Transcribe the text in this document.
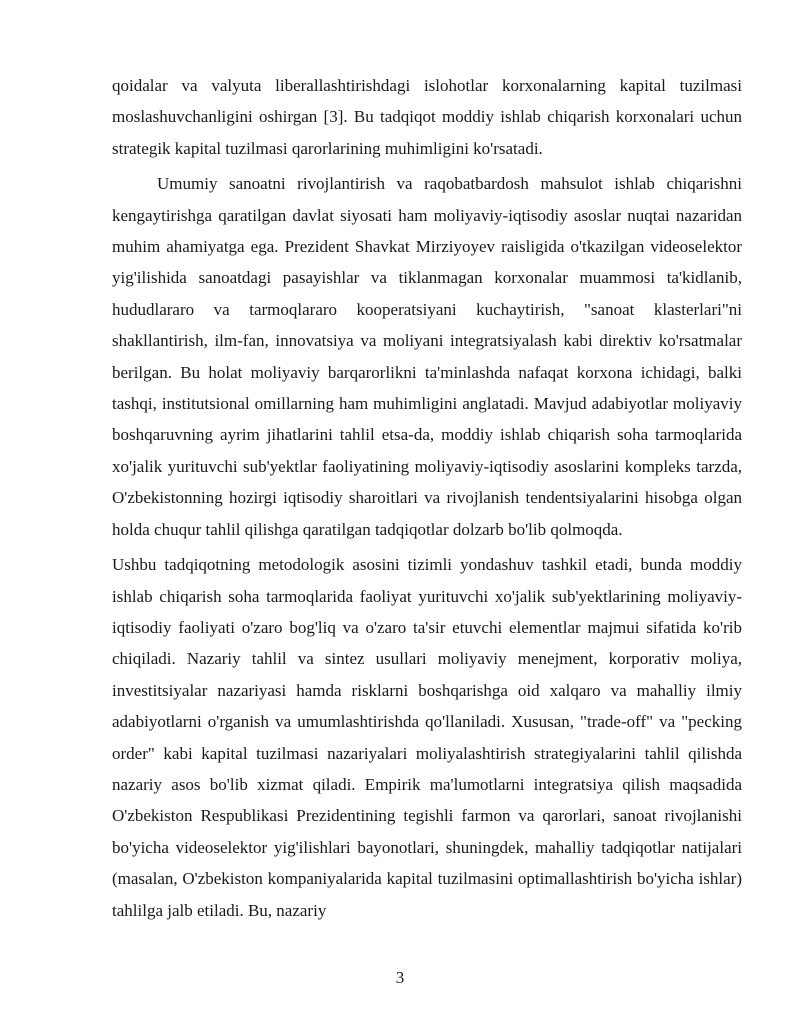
qoidalar va valyuta liberallashtirishdagi islohotlar korxonalarning kapital tuzilmasi moslashuvchanligini oshirgan [3]. Bu tadqiqot moddiy ishlab chiqarish korxonalari uchun strategik kapital tuzilmasi qarorlarining muhimligini ko'rsatadi.

Umumiy sanoatni rivojlantirish va raqobatbardosh mahsulot ishlab chiqarishni kengaytirishga qaratilgan davlat siyosati ham moliyaviy-iqtisodiy asoslar nuqtai nazaridan muhim ahamiyatga ega. Prezident Shavkat Mirziyoyev raisligida o'tkazilgan videoselektor yig'ilishida sanoatdagi pasayishlar va tiklanmagan korxonalar muammosi ta'kidlanib, hududlararo va tarmoqlararo kooperatsiyani kuchaytirish, "sanoat klasterlari"ni shakllantirish, ilm-fan, innovatsiya va moliyani integratsiyalash kabi direktiv ko'rsatmalar berilgan. Bu holat moliyaviy barqarorlikni ta'minlashda nafaqat korxona ichidagi, balki tashqi, institutsional omillarning ham muhimligini anglatadi. Mavjud adabiyotlar moliyaviy boshqaruvning ayrim jihatlarini tahlil etsa-da, moddiy ishlab chiqarish soha tarmoqlarida xo'jalik yurituvchi sub'yektlar faoliyatining moliyaviy-iqtisodiy asoslarini kompleks tarzda, O'zbekistonning hozirgi iqtisodiy sharoitlari va rivojlanish tendentsiyalarini hisobga olgan holda chuqur tahlil qilishga qaratilgan tadqiqotlar dolzarb bo'lib qolmoqda.

Ushbu tadqiqotning metodologik asosini tizimli yondashuv tashkil etadi, bunda moddiy ishlab chiqarish soha tarmoqlarida faoliyat yurituvchi xo'jalik sub'yektlarining moliyaviy-iqtisodiy faoliyati o'zaro bog'liq va o'zaro ta'sir etuvchi elementlar majmui sifatida ko'rib chiqiladi. Nazariy tahlil va sintez usullari moliyaviy menejment, korporativ moliya, investitsiyalar nazariyasi hamda risklarni boshqarishga oid xalqaro va mahalliy ilmiy adabiyotlarni o'rganish va umumlashtirishda qo'llaniladi. Xususan, "trade-off" va "pecking order" kabi kapital tuzilmasi nazariyalari moliyalashtirish strategiyalarini tahlil qilishda nazariy asos bo'lib xizmat qiladi. Empirik ma'lumotlarni integratsiya qilish maqsadida O'zbekiston Respublikasi Prezidentining tegishli farmon va qarorlari, sanoat rivojlanishi bo'yicha videoselektor yig'ilishlari bayonotlari, shuningdek, mahalliy tadqiqotlar natijalari (masalan, O'zbekiston kompaniyalarida kapital tuzilmasini optimallashtirish bo'yicha ishlar) tahlilga jalb etiladi. Bu, nazariy

3
